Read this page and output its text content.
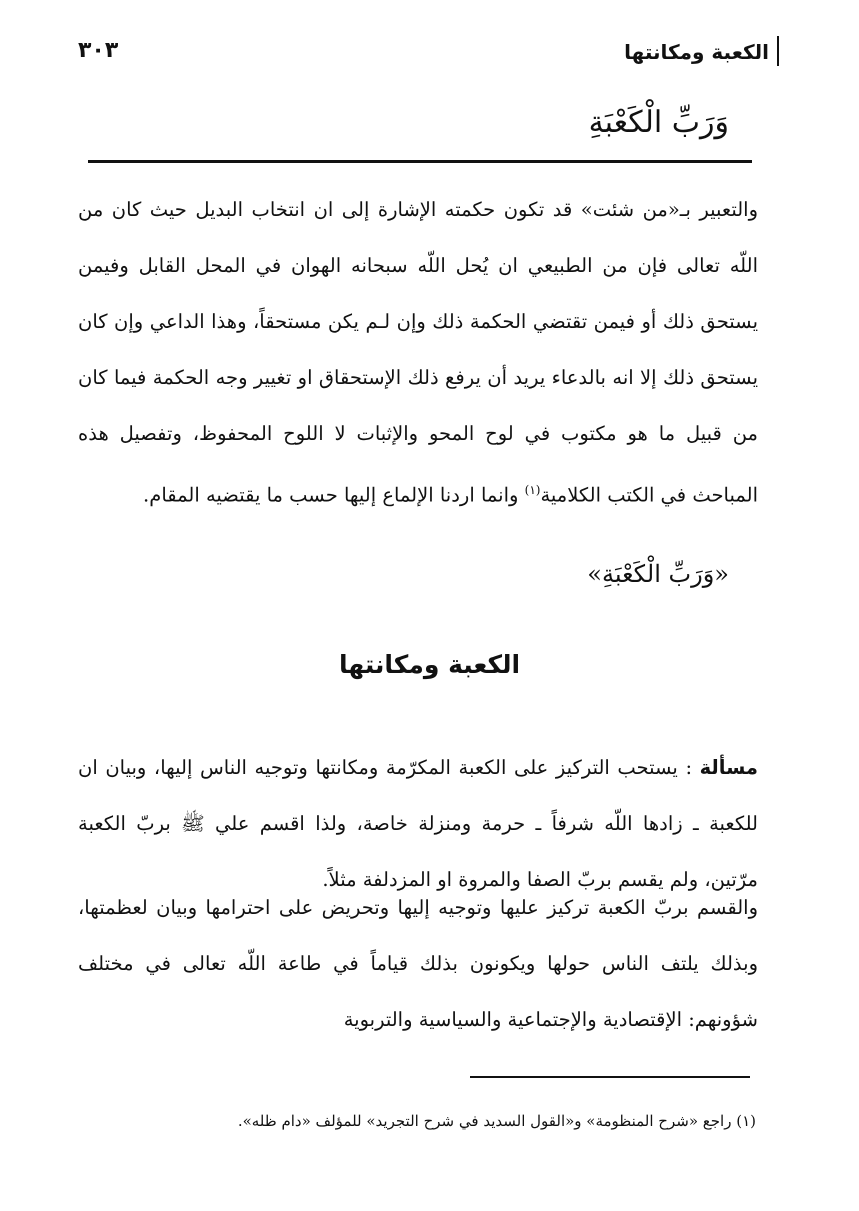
الكعبة ومكانتها
٣٠٣
وَرَبِّ الْكَعْبَةِ

والتعبير بـ«من شئت» قد تكون حكمته الإشارة إلى ان انتخاب البديل حيث كان من اللّه تعالى فإن من الطبيعي ان يُحل اللّه سبحانه الهوان في المحل القابل وفيمن يستحق ذلك أو فيمن تقتضي الحكمة ذلك وإن لـم يكن مستحقاً، وهذا الداعي وإن كان يستحق ذلك إلا انه بالدعاء يريد أن يرفع ذلك الإستحقاق او تغيير وجه الحكمة فيما كان من قبيل ما هو مكتوب في لوح المحو والإثبات لا اللوح المحفوظ، وتفصيل هذه المباحث في الكتب الكلامية$^{(١)}$ وانما اردنا الإلماع إليها حسب ما يقتضيه المقام.

«وَرَبِّ الْكَعْبَةِ»
الكعبة ومكانتها

مسألة : يستحب التركيز على الكعبة المكرّمة ومكانتها وتوجيه الناس إليها، وبيان ان للكعبة ـ زادها اللّه شرفاً ـ حرمة ومنزلة خاصة، ولذا اقسم علي ﷺ بربّ الكعبة مرّتين، ولم يقسم بربّ الصفا والمروة او المزدلفة مثلاً.

والقسم بربّ الكعبة تركيز عليها وتوجيه إليها وتحريض على احترامها وبيان لعظمتها، وبذلك يلتف الناس حولها ويكونون بذلك قياماً في طاعة اللّه تعالى في مختلف شؤونهم: الإقتصادية والإجتماعية والسياسية والتربوية

(١) راجع «شرح المنظومة» و«القول السديد في شرح التجريد» للمؤلف «دام ظله».
